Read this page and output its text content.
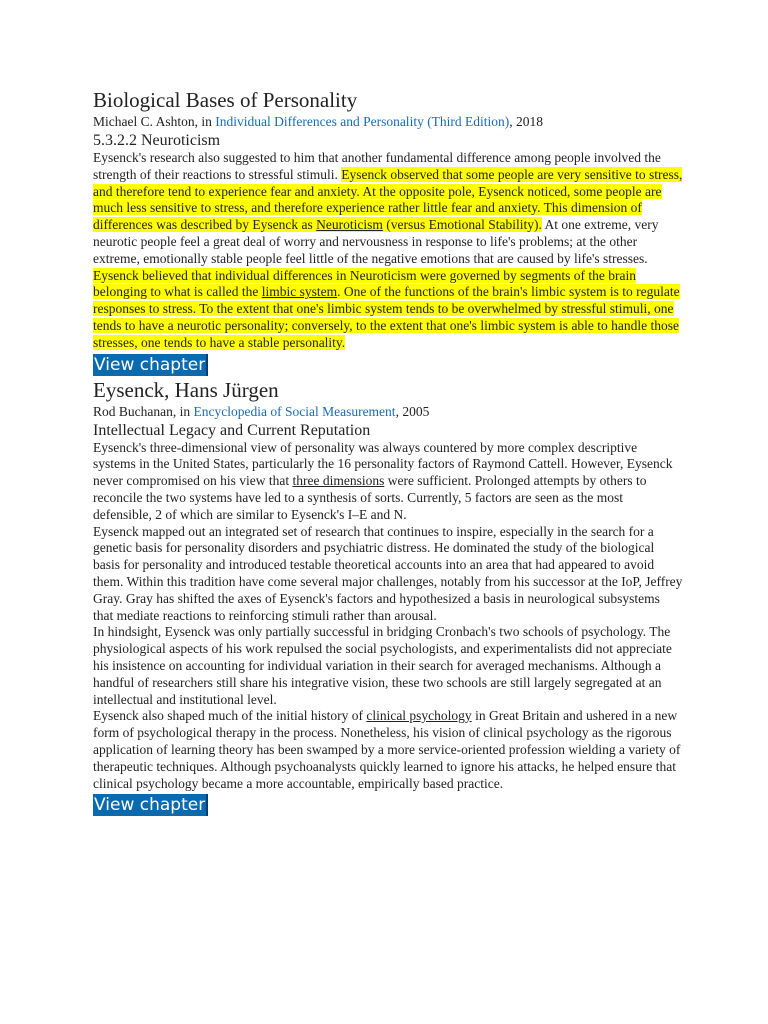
Biological Bases of Personality
Michael C. Ashton, in Individual Differences and Personality (Third Edition), 2018
5.3.2.2 Neuroticism

Eysenck's research also suggested to him that another fundamental difference among people involved the strength of their reactions to stressful stimuli. Eysenck observed that some people are very sensitive to stress, and therefore tend to experience fear and anxiety. At the opposite pole, Eysenck noticed, some people are much less sensitive to stress, and therefore experience rather little fear and anxiety. This dimension of differences was described by Eysenck as Neuroticism (versus Emotional Stability). At one extreme, very neurotic people feel a great deal of worry and nervousness in response to life's problems; at the other extreme, emotionally stable people feel little of the negative emotions that are caused by life's stresses.

Eysenck believed that individual differences in Neuroticism were governed by segments of the brain belonging to what is called the limbic system. One of the functions of the brain's limbic system is to regulate responses to stress. To the extent that one's limbic system tends to be overwhelmed by stressful stimuli, one tends to have a neurotic personality; conversely, to the extent that one's limbic system is able to handle those stresses, one tends to have a stable personality.

View chapter
Eysenck, Hans Jürgen
Rod Buchanan, in Encyclopedia of Social Measurement, 2005
Intellectual Legacy and Current Reputation

Eysenck's three-dimensional view of personality was always countered by more complex descriptive systems in the United States, particularly the 16 personality factors of Raymond Cattell. However, Eysenck never compromised on his view that three dimensions were sufficient. Prolonged attempts by others to reconcile the two systems have led to a synthesis of sorts. Currently, 5 factors are seen as the most defensible, 2 of which are similar to Eysenck's I–E and N.

Eysenck mapped out an integrated set of research that continues to inspire, especially in the search for a genetic basis for personality disorders and psychiatric distress. He dominated the study of the biological basis for personality and introduced testable theoretical accounts into an area that had appeared to avoid them. Within this tradition have come several major challenges, notably from his successor at the IoP, Jeffrey Gray. Gray has shifted the axes of Eysenck's factors and hypothesized a basis in neurological subsystems that mediate reactions to reinforcing stimuli rather than arousal.

In hindsight, Eysenck was only partially successful in bridging Cronbach's two schools of psychology. The physiological aspects of his work repulsed the social psychologists, and experimentalists did not appreciate his insistence on accounting for individual variation in their search for averaged mechanisms. Although a handful of researchers still share his integrative vision, these two schools are still largely segregated at an intellectual and institutional level.

Eysenck also shaped much of the initial history of clinical psychology in Great Britain and ushered in a new form of psychological therapy in the process. Nonetheless, his vision of clinical psychology as the rigorous application of learning theory has been swamped by a more service-oriented profession wielding a variety of therapeutic techniques. Although psychoanalysts quickly learned to ignore his attacks, he helped ensure that clinical psychology became a more accountable, empirically based practice.

View chapter
